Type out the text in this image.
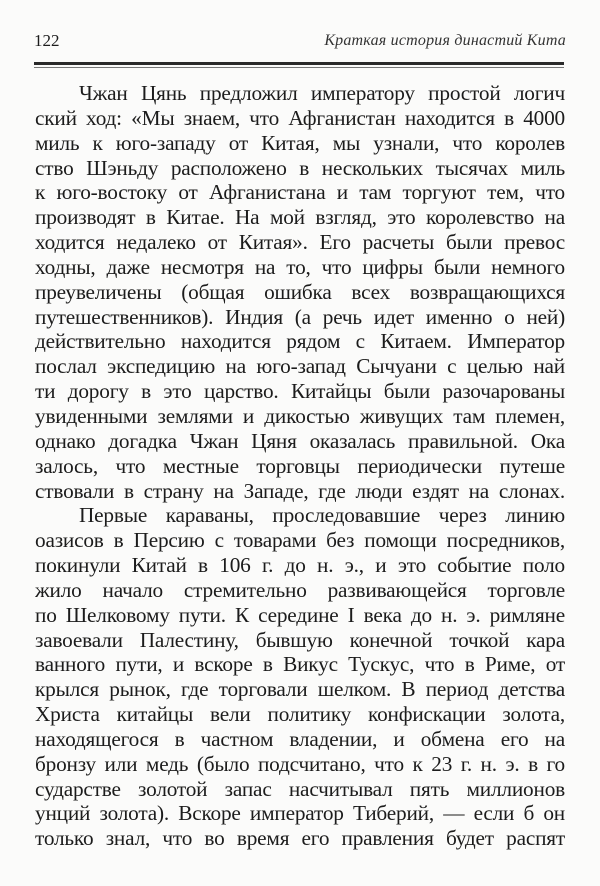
122	Краткая история династий Кита
Чжан Цянь предложил императору простой логич
ский ход: «Мы знаем, что Афганистан находится в 4000
миль к юго-западу от Китая, мы узнали, что королев
ство Шэньду расположено в нескольких тысячах миль
к юго-востоку от Афганистана и там торгуют тем, что
производят в Китае. На мой взгляд, это королевство на
ходится недалеко от Китая». Его расчеты были превос
ходны, даже несмотря на то, что цифры были немного
преувеличены (общая ошибка всех возвращающихся
путешественников). Индия (а речь идет именно о ней)
действительно находится рядом с Китаем. Император
послал экспедицию на юго-запад Сычуани с целью най
ти дорогу в это царство. Китайцы были разочарованы
увиденными землями и дикостью живущих там племен,
однако догадка Чжан Цяня оказалась правильной. Ока
залось, что местные торговцы периодически путеше
ствовали в страну на Западе, где люди ездят на слонах.
Первые караваны, проследовавшие через линию
оазисов в Персию с товарами без помощи посредников,
покинули Китай в 106 г. до н. э., и это событие поло
жило начало стремительно развивающейся торговле
по Шелковому пути. К середине I века до н. э. римляне
завоевали Палестину, бывшую конечной точкой кара
ванного пути, и вскоре в Викус Тускус, что в Риме, от
крылся рынок, где торговали шелком. В период детства
Христа китайцы вели политику конфискации золота,
находящегося в частном владении, и обмена его на
бронзу или медь (было подсчитано, что к 23 г. н. э. в го
сударстве золотой запас насчитывал пять миллионов
унций золота). Вскоре император Тиберий, — если б он
только знал, что во время его правления будет распят
